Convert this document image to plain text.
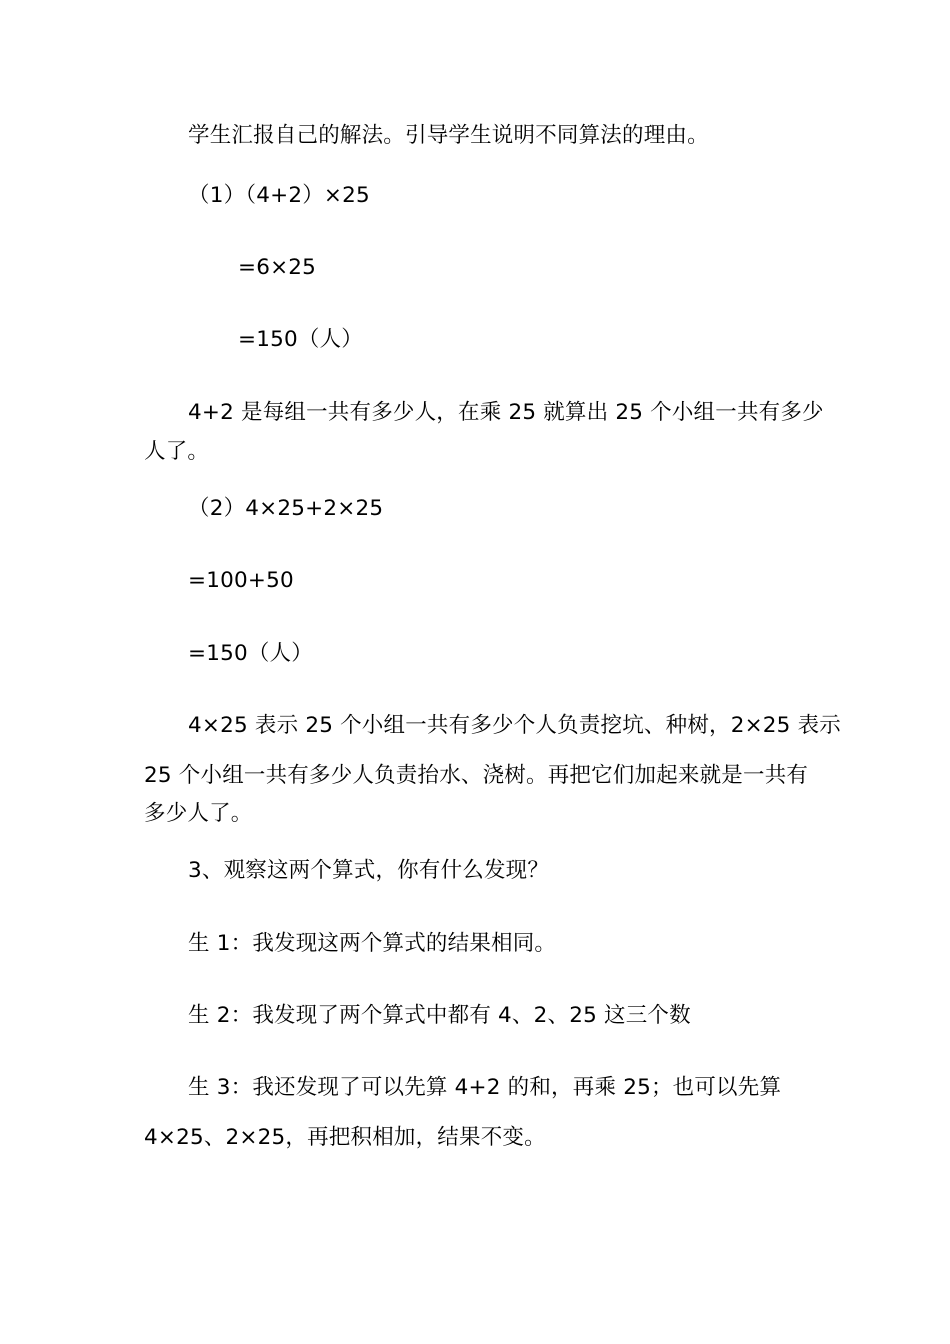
学生汇报自己的解法。引导学生说明不同算法的理由。

（1）（4+2）×25

=6×25

=150（人）

4+2 是每组一共有多少人，在乘 25 就算出 25 个小组一共有多少

人了。

（2）4×25+2×25

=100+50

=150（人）

4×25 表示 25 个小组一共有多少个人负责挖坑、种树，2×25 表示

25 个小组一共有多少人负责抬水、浇树。再把它们加起来就是一共有

多少人了。

3、观察这两个算式，你有什么发现？

生 1：我发现这两个算式的结果相同。

生 2：我发现了两个算式中都有 4、2、25 这三个数

生 3：我还发现了可以先算 4+2 的和，再乘 25；也可以先算

4×25、2×25，再把积相加，结果不变。
